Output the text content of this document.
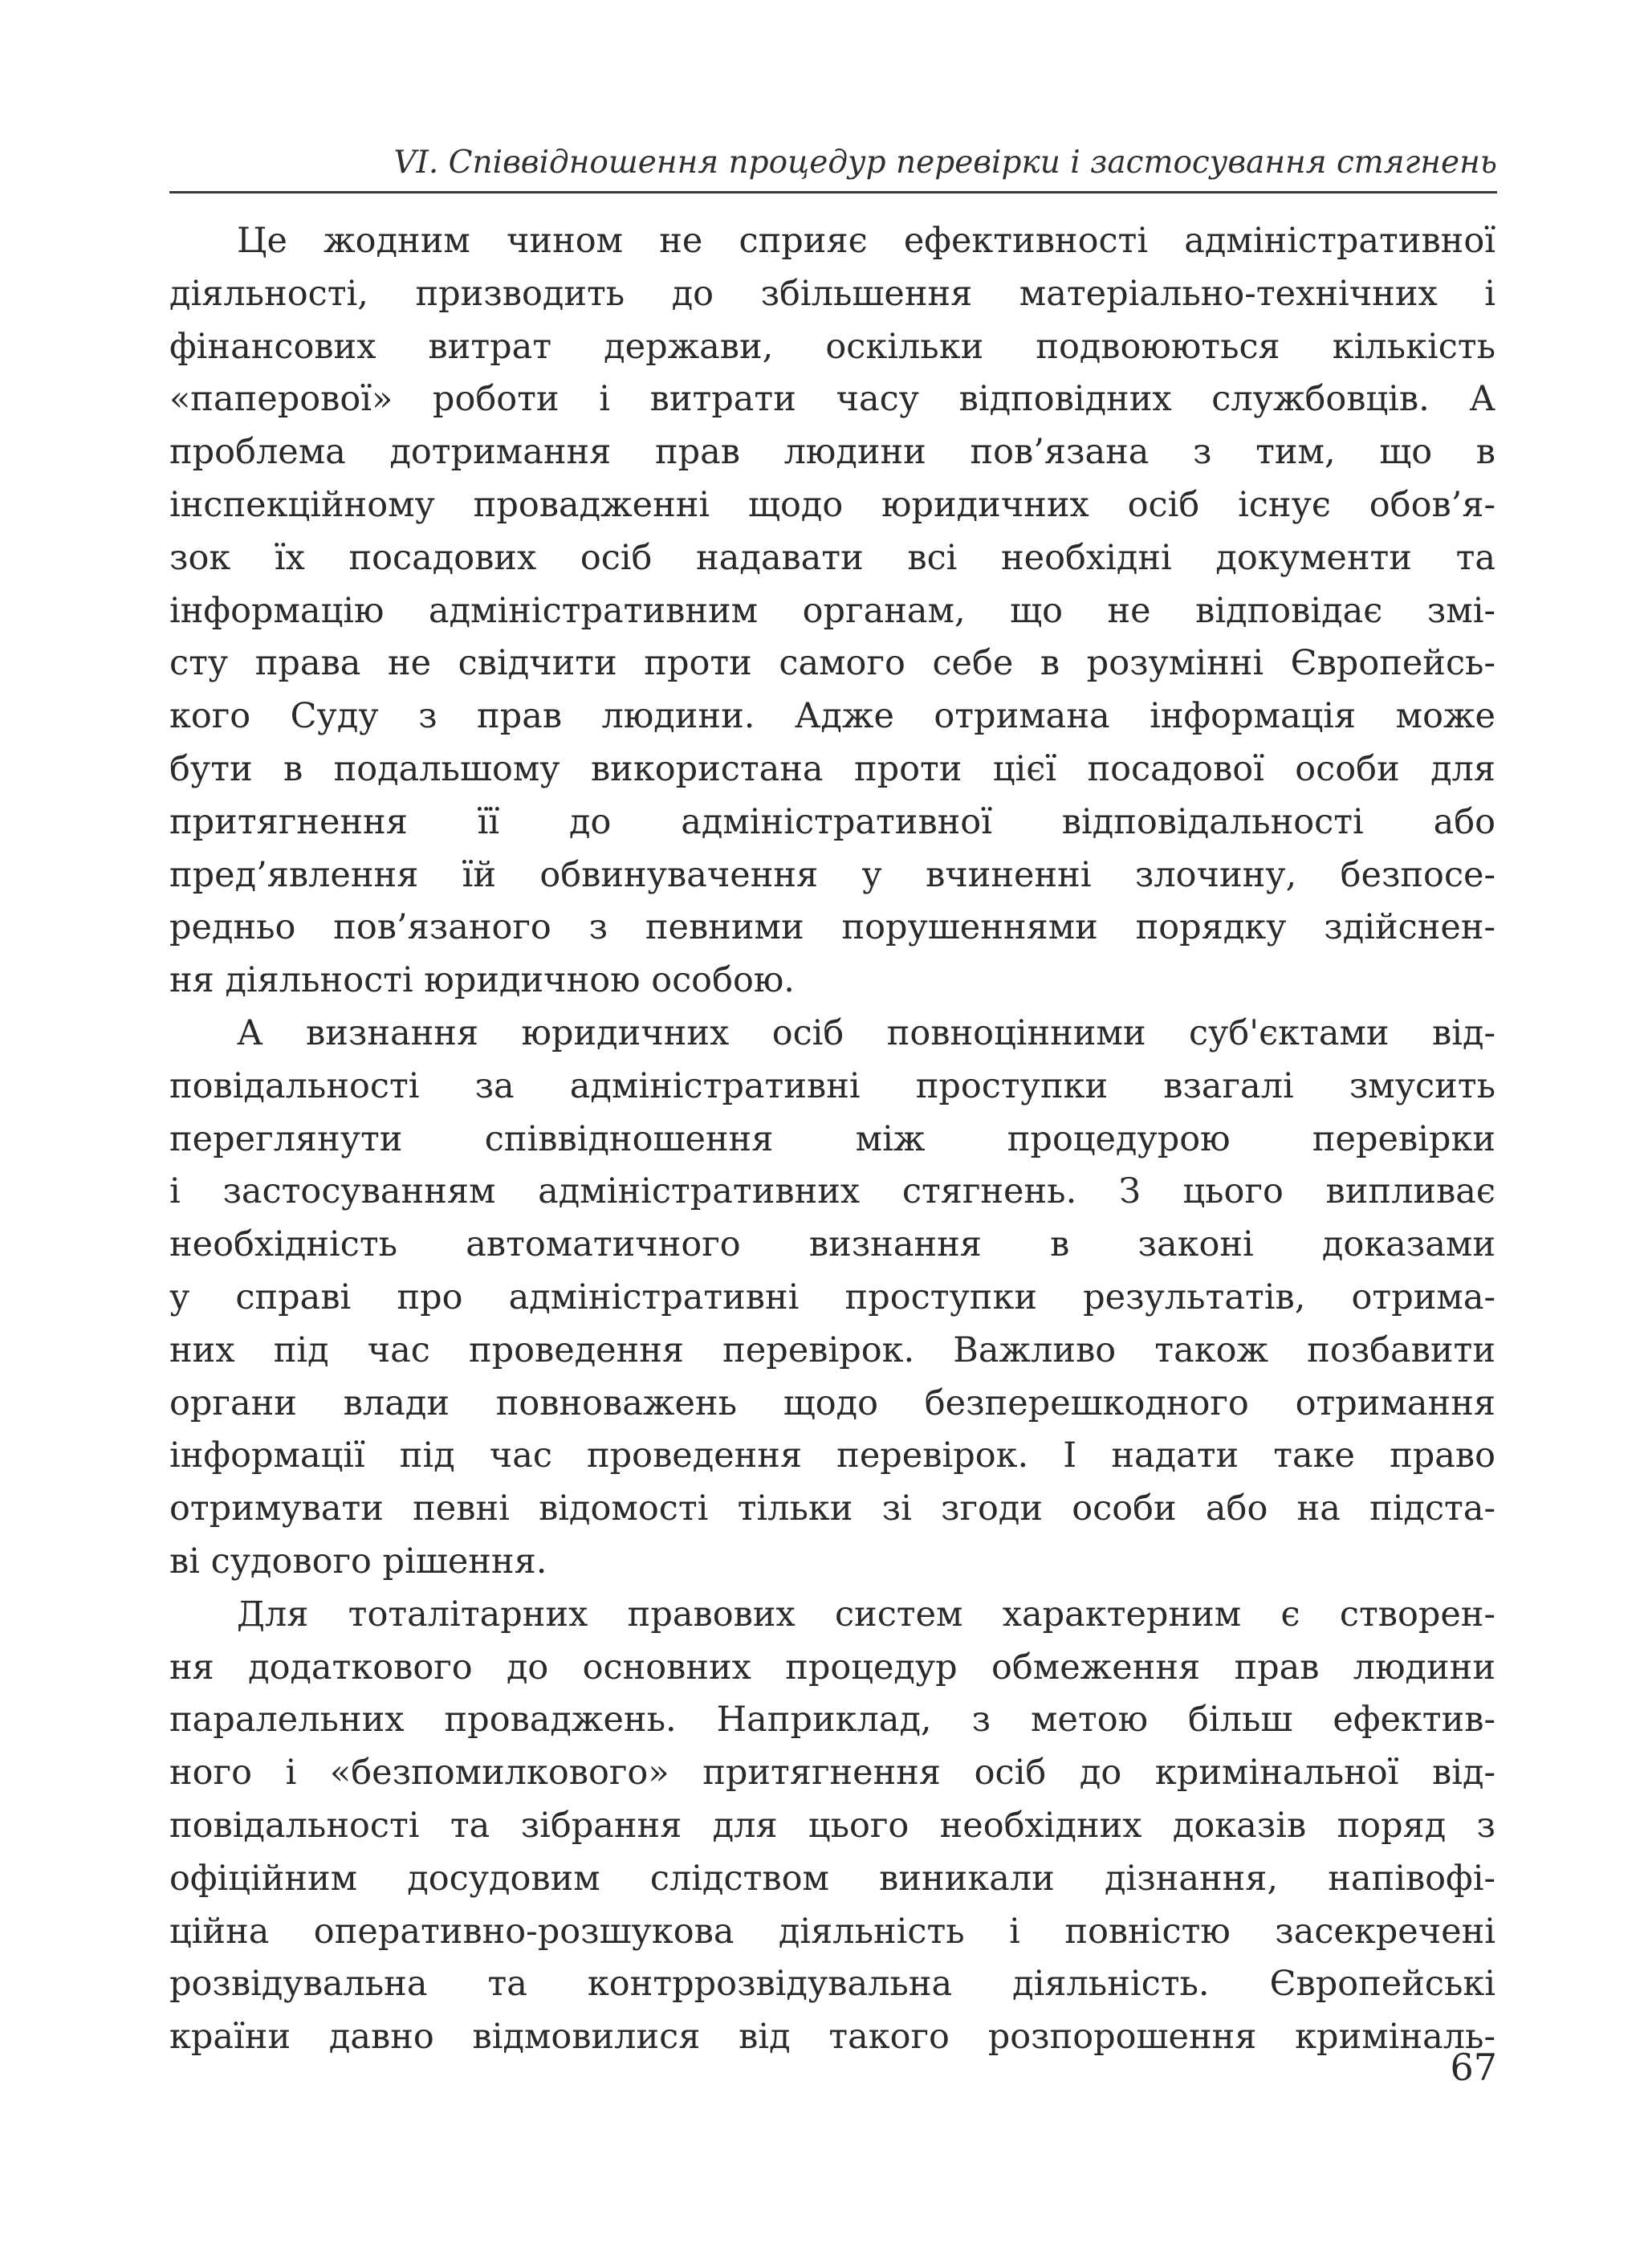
VI. Співвідношення процедур перевірки і застосування стягнень
Це жодним чином не сприяє ефективності адміністративної
діяльності, призводить до збільшення матеріально-технічних і
фінансових витрат держави, оскільки подвоюються кількість
«паперової» роботи і витрати часу відповідних службовців. А
проблема дотримання прав людини пов’язана з тим, що в
інспекційному провадженні щодо юридичних осіб існує обов’я-
зок їх посадових осіб надавати всі необхідні документи та
інформацію адміністративним органам, що не відповідає змі-
сту права не свідчити проти самого себе в розумінні Європейсь-
кого Суду з прав людини. Адже отримана інформація може
бути в подальшому використана проти цієї посадової особи для
притягнення її до адміністративної відповідальності або
пред’явлення їй обвинувачення у вчиненні злочину, безпосе-
редньо пов’язаного з певними порушеннями порядку здійснен-
ня діяльності юридичною особою.
А визнання юридичних осіб повноцінними суб'єктами від-
повідальності за адміністративні проступки взагалі змусить
переглянути співвідношення між процедурою перевірки
і застосуванням адміністративних стягнень. З цього випливає
необхідність автоматичного визнання в законі доказами
у справі про адміністративні проступки результатів, отрима-
них під час проведення перевірок. Важливо також позбавити
органи влади повноважень щодо безперешкодного отримання
інформації під час проведення перевірок. І надати таке право
отримувати певні відомості тільки зі згоди особи або на підста-
ві судового рішення.
Для тоталітарних правових систем характерним є створен-
ня додаткового до основних процедур обмеження прав людини
паралельних проваджень. Наприклад, з метою більш ефектив-
ного і «безпомилкового» притягнення осіб до кримінальної від-
повідальності та зібрання для цього необхідних доказів поряд з
офіційним досудовим слідством виникали дізнання, напівофі-
ційна оперативно-розшукова діяльність і повністю засекречені
розвідувальна та контррозвідувальна діяльність. Європейські
країни давно відмовилися від такого розпорошення криміналь-
67
